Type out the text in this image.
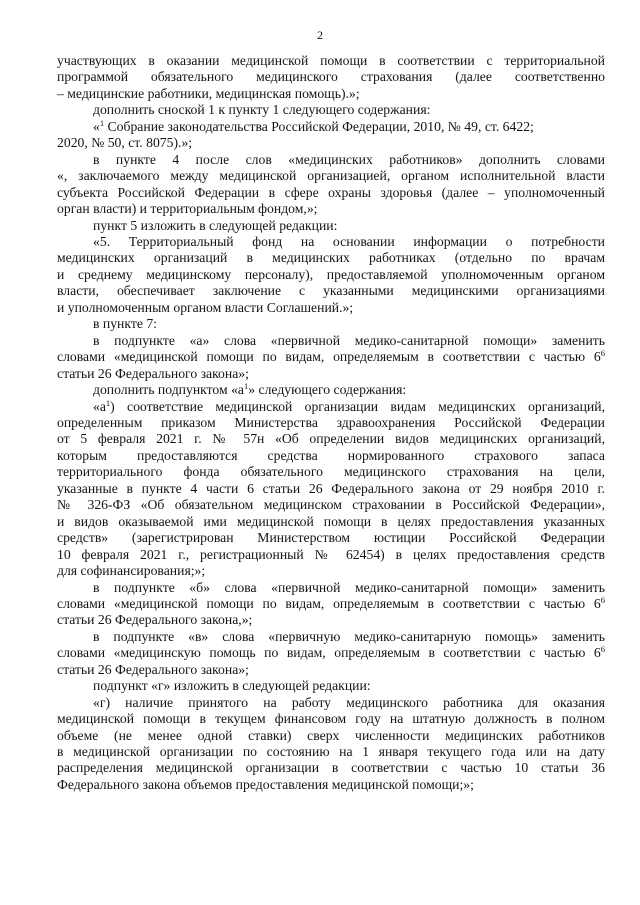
2
участвующих в оказании медицинской помощи в соответствии с территориальной
программой обязательного медицинского страхования (далее соответственно
– медицинские работники, медицинская помощь).»;
дополнить сноской 1 к пункту 1 следующего содержания:
«$^1$ Собрание законодательства Российской Федерации, 2010, № 49, ст. 6422;
2020, № 50, ст. 8075).»;
в пункте 4 после слов «медицинских работников» дополнить словами
«, заключаемого между медицинской организацией, органом исполнительной власти
субъекта Российской Федерации в сфере охраны здоровья (далее – уполномоченный
орган власти) и территориальным фондом,»;
пункт 5 изложить в следующей редакции:
«5. Территориальный фонд на основании информации о потребности
медицинских организаций в медицинских работниках (отдельно по врачам
и среднему медицинскому персоналу), предоставляемой уполномоченным органом
власти, обеспечивает заключение с указанными медицинскими организациями
и уполномоченным органом власти Соглашений.»;
в пункте 7:
в подпункте «а» слова «первичной медико-санитарной помощи» заменить
словами «медицинской помощи по видам, определяемым в соответствии с частью $6^6$
статьи 26 Федерального закона»;
дополнить подпунктом «$а^1$» следующего содержания:
«$а^1$) соответствие медицинской организации видам медицинских организаций,
определенным приказом Министерства здравоохранения Российской Федерации
от 5 февраля 2021 г. № 57н «Об определении видов медицинских организаций,
которым предоставляются средства нормированного страхового запаса
территориального фонда обязательного медицинского страхования на цели,
указанные в пункте 4 части 6 статьи 26 Федерального закона от 29 ноября 2010 г.
№ 326-ФЗ «Об обязательном медицинском страховании в Российской Федерации»,
и видов оказываемой ими медицинской помощи в целях предоставления указанных
средств» (зарегистрирован Министерством юстиции Российской Федерации
10 февраля 2021 г., регистрационный № 62454) в целях предоставления средств
для софинансирования;»;
в подпункте «б» слова «первичной медико-санитарной помощи» заменить
словами «медицинской помощи по видам, определяемым в соответствии с частью $6^6$
статьи 26 Федерального закона,»;
в подпункте «в» слова «первичную медико-санитарную помощь» заменить
словами «медицинскую помощь по видам, определяемым в соответствии с частью $6^6$
статьи 26 Федерального закона»;
подпункт «г» изложить в следующей редакции:
«г) наличие принятого на работу медицинского работника для оказания
медицинской помощи в текущем финансовом году на штатную должность в полном
объеме (не менее одной ставки) сверх численности медицинских работников
в медицинской организации по состоянию на 1 января текущего года или на дату
распределения медицинской организации в соответствии с частью 10 статьи 36
Федерального закона объемов предоставления медицинской помощи;»;
